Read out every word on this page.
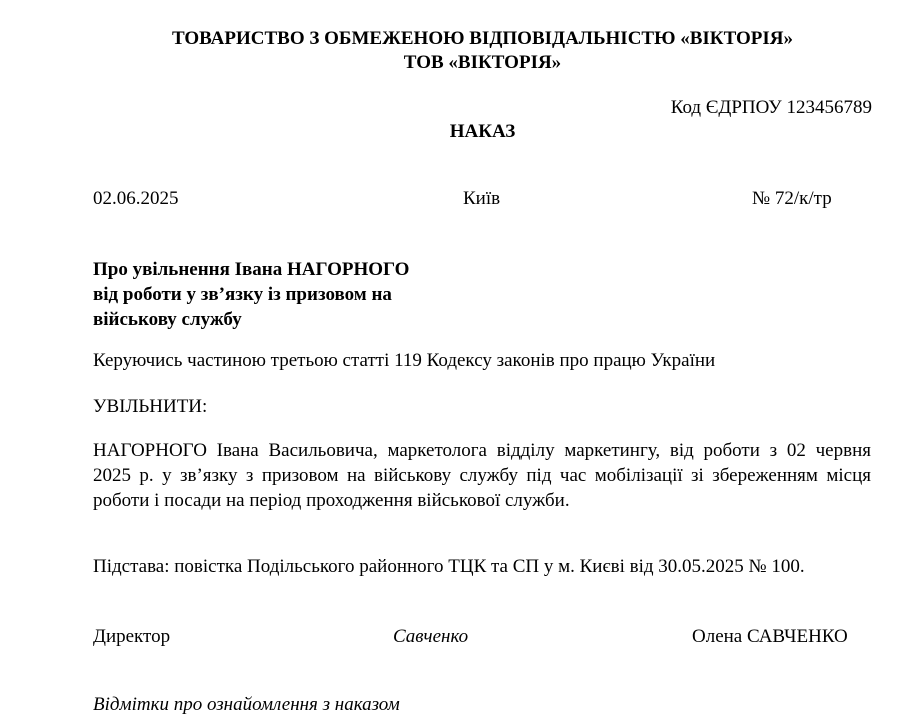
ТОВАРИСТВО З ОБМЕЖЕНОЮ ВІДПОВІДАЛЬНІСТЮ «ВІКТОРІЯ»
ТОВ «ВІКТОРІЯ»
Код ЄДРПОУ 123456789
НАКАЗ
02.06.2025	Київ	№ 72/к/тр
Про увільнення Івана НАГОРНОГО
від роботи у зв’язку із призовом на
військову службу
Керуючись частиною третьою статті 119 Кодексу законів про працю України
УВІЛЬНИТИ:
НАГОРНОГО Івана Васильовича, маркетолога відділу маркетингу, від роботи з 02 червня
2025 р. у зв’язку з призовом на військову службу під час мобілізації зі збереженням місця
роботи і посади на період проходження військової служби.
Підстава: повістка Подільського районного ТЦК та СП у м. Києві від 30.05.2025 № 100.
Директор	Савченко	Олена САВЧЕНКО
Відмітки про ознайомлення з наказом
